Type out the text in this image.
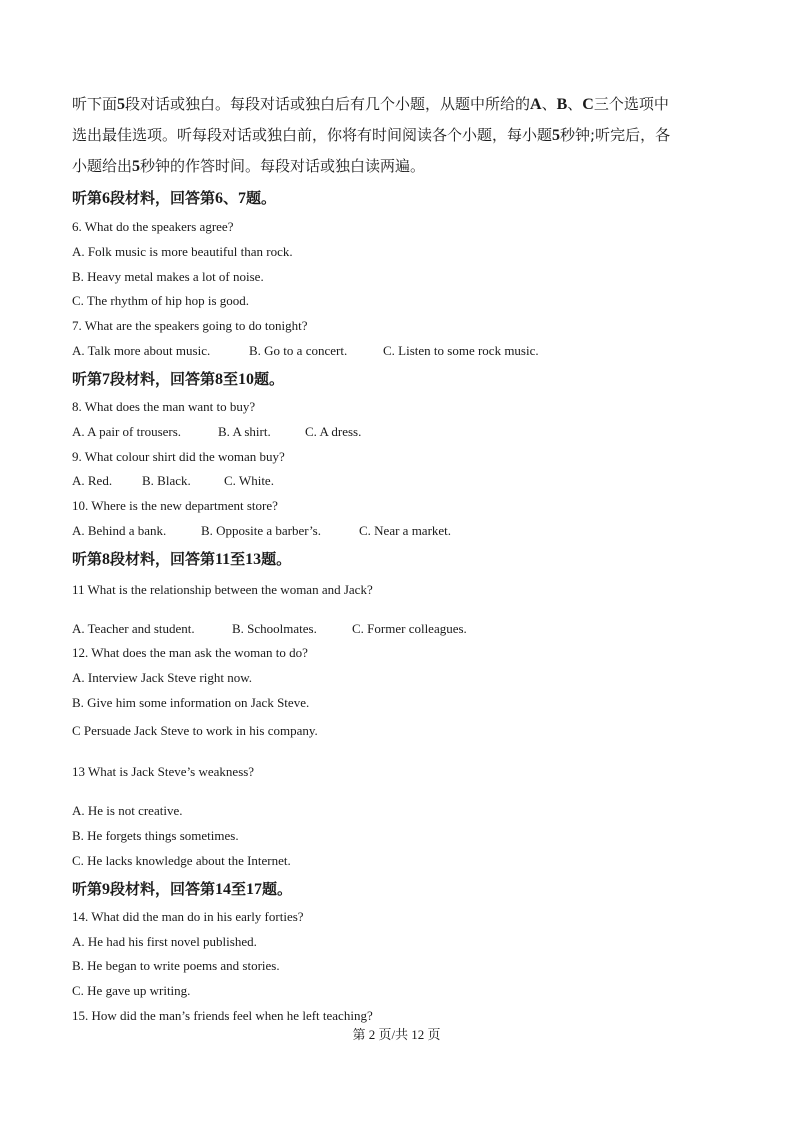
听下面5段对话或独白。每段对话或独白后有几个小题，从题中所给的A、B、C三个选项中
选出最佳选项。听每段对话或独白前，你将有时间阅读各个小题，每小题5秒钟;听完后，各
小题给出5秒钟的作答时间。每段对话或独白读两遍。
听第6段材料，回答第6、7题。
6. What do the speakers agree?
A. Folk music is more beautiful than rock.
B. Heavy metal makes a lot of noise.
C. The rhythm of hip hop is good.
7. What are the speakers going to do tonight?
A. Talk more about music.	B. Go to a concert.	C. Listen to some rock music.
听第7段材料，回答第8至10题。
8. What does the man want to buy?
A. A pair of trousers.	B. A shirt.	C. A dress.
9. What colour shirt did the woman buy?
A. Red. B. Black.	C. White.
10. Where is the new department store?
A. Behind a bank.	B. Opposite a barber’s.	C. Near a market.
听第8段材料，回答第11至13题。
11 What is the relationship between the woman and Jack?
A. Teacher and student.	B. Schoolmates.	C. Former colleagues.
12. What does the man ask the woman to do?
A. Interview Jack Steve right now.
B. Give him some information on Jack Steve.
C Persuade Jack Steve to work in his company.
13 What is Jack Steve’s weakness?
A. He is not creative.
B. He forgets things sometimes.
C. He lacks knowledge about the Internet.
听第9段材料，回答第14至17题。
14. What did the man do in his early forties?
A. He had his first novel published.
B. He began to write poems and stories.
C. He gave up writing.
15. How did the man’s friends feel when he left teaching?
第 2 页/共 12 页
